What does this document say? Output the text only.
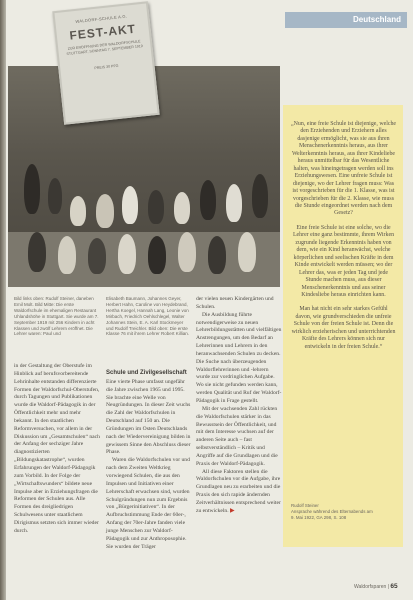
Deutschland
WALDORF-SCHULE A.G.
FEST-AKT
ZUR ERÖFFNUNG DER WALDORFSCHULE STUTTGART, SONNTAG 7. SEPTEMBER 1919
PREIS 30 PFG

„Nun, eine freie Schule ist diejenige, welche den Erziehenden und Erziehern alles dasjenige ermöglicht, was sie aus ihren Menschenerkenntnis heraus, aus ihrer Welterkenntnis heraus, aus ihrer Kindeliebe heraus unmittelbar für das Wesentliche halten, was hineingetragen werden soll ins Erziehungswesen. Eine unfreie Schule ist diejenige, wo der Lehrer fragen muss: Was ist vorgeschrieben für die 1. Klasse, was ist vorgeschrieben für die 2. Klasse, wie muss die Stunde eingeordnet werden nach dem Gesetz?

Eine freie Schule ist eine solche, wo die Lehrer eine ganz bestimmte, ihrem Wirken zugrunde liegende Erkenntnis haben von dem, wie ein Kind heranwächst, welche körperlichen und seelischen Kräfte in dem Kinde entwickelt werden müssen; wo der Lehrer das, was er jeden Tag und jede Stunde machen muss, aus dieser Menschenerkenntnis und aus seiner Kindesliebe heraus einrichten kann.

Man hat nicht ein sehr starkes Gefühl davon, wie grundverschieden die unfreie Schule von der freien Schule ist. Denn die wirklich erzieherischen und unterrichtenden Kräfte des Lehrers können sich nur entwickeln in der freien Schule.“

Rudolf Steiner
Ansprache während des Elternabends am
9. Mai 1922, GA 298, S. 108
Bild links oben: Rudolf Steiner, daneben Emil Molt. Bild Mitte: Die erste Waldorfschule im ehemaligen Restaurant Uhlandshöhe in Stuttgart. Sie wurde am 7. September 1919 mit 256 Kindern in acht Klassen und zwölf Lehrern eröffnet. Die Lehrer waren: Paul und
Elisabeth Baumann, Johannes Geyer, Herbert Hahn, Caroline von Heydebrand, Hertha Koegel, Hannah Lang, Leonie von Mirbach, Friedrich Oehlschlegel, Walter Johannes Stein, E. A. Karl Stockmeyer und Rudolf Treichler. Bild oben: Die erste Klasse 76 mit ihrem Lehrer Robert Killian.

in der Gestaltung der Oberstufe im Hinblick auf berufsvorbereitende Lehrinhalte entstanden differenzierte Formen der Waldorfschul-Oberstufen, durch Tagungen und Publikationen wurde die Waldorf-Pädagogik in der Öffentlichkeit mehr und mehr bekannt. In den staatlichen Reformversuchen, vor allem in der Diskussion um „Gesamtschulen“ nach der Anfang der sechziger Jahre diagnostizierten „Bildungskatastrophe“, wurden Erfahrungen der Waldorf-Pädagogik zum Vorbild. In der Folge der „Wirtschaftswunders“ bildete neue Impulse aber in Erziehungsfragen die Reformen der Schulen aus. Alle Formen des dreigliedrigen Schulwesens unter staatlichem Dirigismus setzten sich immer wieder durch.

Schule und Zivilgesellschaft

Eine vierte Phase umfasst ungefähr die Jahre zwischen 1965 und 1995. Sie brachte eine Welle von Neugründungen. In dieser Zeit wuchs die Zahl der Waldorfschulen in Deutschland auf 150 an. Die Gründungen im Osten Deutschlands nach der Wiedervereinigung bilden in gewissem Sinne den Abschluss dieser Phase.

Waren die Waldorfschulen vor und nach dem Zweiten Weltkrieg vorwiegend Schulen, die aus den Impulsen und Initiativen einer Lehrerschaft erwachsen sind, wurden Schulgründungen nun zum Ergebnis von „Bürgerinitiativen“. In der Aufbruchstimmung Ende der 60er-, Anfang der 70er-Jahre fanden viele junge Menschen zur Waldorf-Pädagogik und zur Anthroposophie. Sie wurden der Träger

der vielen neuen Kindergärten und Schulen.

Die Ausbildung führte notwendigerweise zu neuen Lehrerbildungsstätten und vielfältigen Anstrengungen, um den Bedarf an Lehrerinnen und Lehrern in den heranwachsenden Schulen zu decken. Die Suche nach überzeugenden Waldorflehrerinnen und -lehrern wurde zur vordringlichen Aufgabe. Wo sie nicht gefunden werden kann, werden Qualität und Ruf der Waldorf-Pädagogik in Frage gestellt.

Mit der wachsenden Zahl rückten die Waldorfschulen stärker in das Bewusstsein der Öffentlichkeit, und mit dem Interesse wuchsen auf der anderen Seite auch – fast selbstverständlich – Kritik und Angriffe auf die Grundlagen und die Praxis der Waldorf-Pädagogik.

All diese Faktoren stellen die Waldorfschulen vor die Aufgabe, ihre Grundlagen neu zu erarbeiten und die Praxis den sich rapide ändernden Zeitverhältnissen entsprechend weiter zu entwickeln. ▶

Waldorfsparen | 65
